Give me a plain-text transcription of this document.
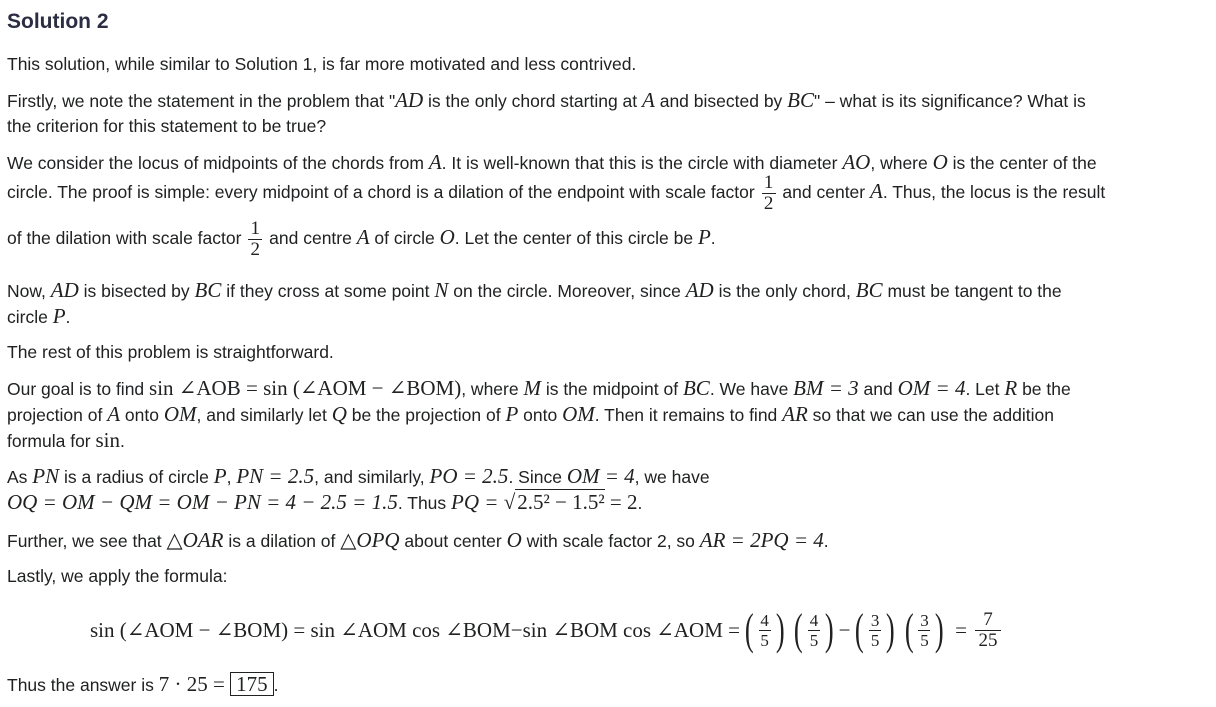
Solution 2

This solution, while similar to Solution 1, is far more motivated and less contrived.

Firstly, we note the statement in the problem that "AD is the only chord starting at A and bisected by BC" – what is its significance? What is

the criterion for this statement to be true?

We consider the locus of midpoints of the chords from A. It is well-known that this is the circle with diameter AO, where O is the center of the

circle. The proof is simple: every midpoint of a chord is a dilation of the endpoint with scale factor $\frac{1}{2}$ and center A. Thus, the locus is the result

of the dilation with scale factor $\frac{1}{2}$ and centre A of circle O. Let the center of this circle be P.

Now, AD is bisected by BC if they cross at some point N on the circle. Moreover, since AD is the only chord, BC must be tangent to the

circle P.

The rest of this problem is straightforward.

Our goal is to find sin ∠AOB = sin (∠AOM − ∠BOM), where M is the midpoint of BC. We have BM = 3 and OM = 4. Let R be the

projection of A onto OM, and similarly let Q be the projection of P onto OM. Then it remains to find AR so that we can use the addition

formula for sin.

As PN is a radius of circle P, PN = 2.5, and similarly, PO = 2.5. Since OM = 4, we have

OQ = OM − QM = OM − PN = 4 − 2.5 = 1.5. Thus PQ = √2.5² − 1.5² = 2.

Further, we see that △OAR is a dilation of △OPQ about center O with scale factor 2, so AR = 2PQ = 4.

Lastly, we apply the formula:

sin (∠AOM − ∠BOM) = sin ∠AOM cos ∠BOM−sin ∠BOM cos ∠AOM = ( $\frac{4}{5}$ ) ( $\frac{4}{5}$ ) − ( $\frac{3}{5}$ ) ( $\frac{3}{5}$ ) = $\frac{7}{25}$

Thus the answer is 7 · 25 = 175 .
